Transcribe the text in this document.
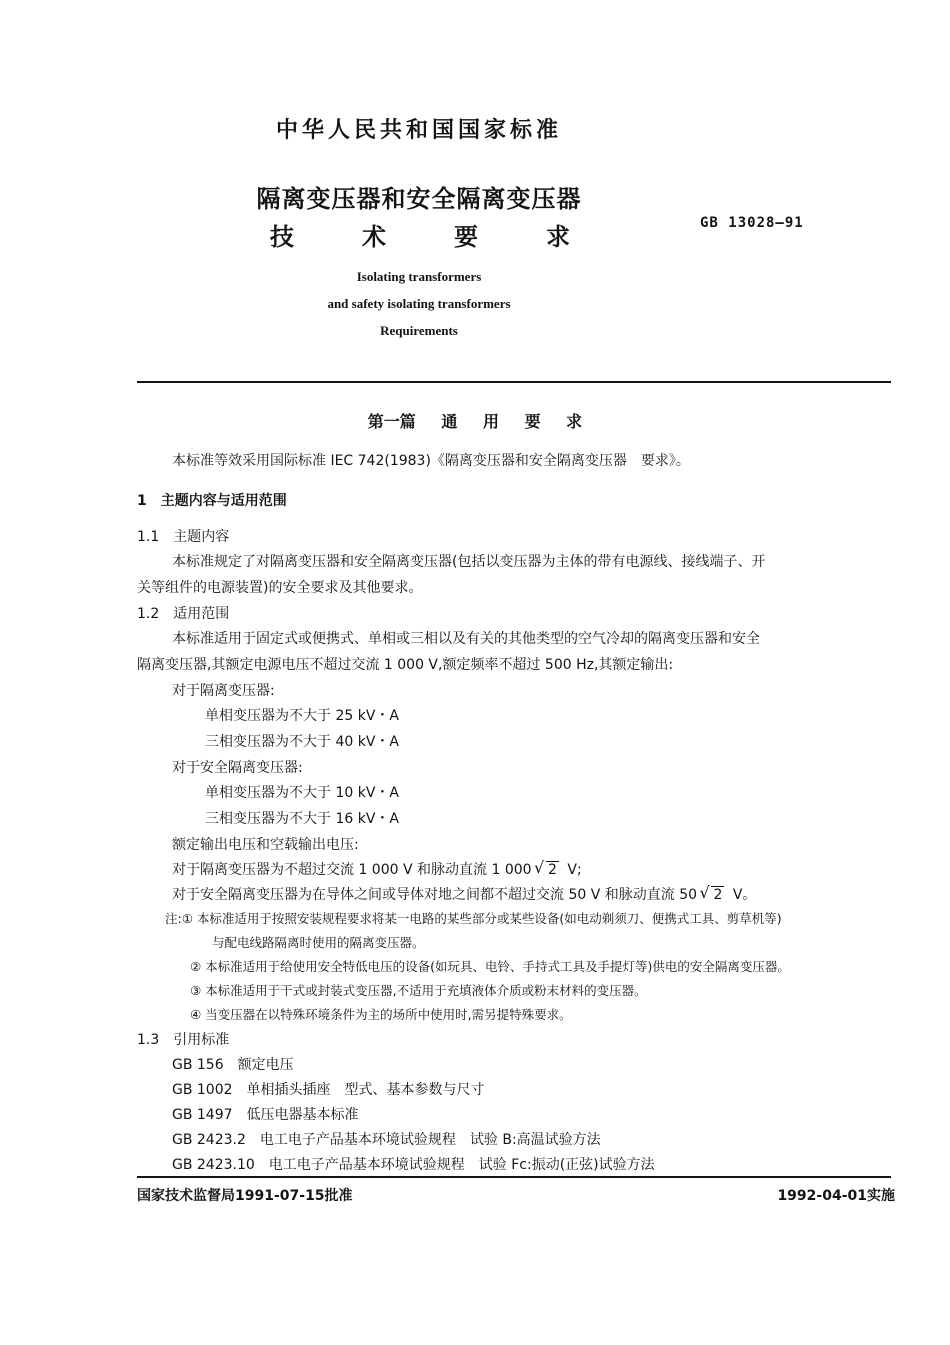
中华人民共和国国家标准
隔离变压器和安全隔离变压器
技	术	要	求	GB 13028—91
Isolating transformers
and safety isolating transformers
Requirements
第一篇 通 用 要 求
本标准等效采用国际标准 IEC 742(1983)《隔离变压器和安全隔离变压器　要求》。
1　主题内容与适用范围
1.1　主题内容
本标准规定了对隔离变压器和安全隔离变压器(包括以变压器为主体的带有电源线、接线端子、开
关等组件的电源装置)的安全要求及其他要求。
1.2　适用范围
本标准适用于固定式或便携式、单相或三相以及有关的其他类型的空气冷却的隔离变压器和安全
隔离变压器,其额定电源电压不超过交流 1 000 V,额定频率不超过 500 Hz,其额定输出:
对于隔离变压器:
单相变压器为不大于 25 kV・A
三相变压器为不大于 40 kV・A
对于安全隔离变压器:
单相变压器为不大于 10 kV・A
三相变压器为不大于 16 kV・A
额定输出电压和空载输出电压:
对于隔离变压器为不超过交流 1 000 V 和脉动直流 1 000 √ 2 V;
对于安全隔离变压器为在导体之间或导体对地之间都不超过交流 50 V 和脉动直流 50 √ 2 V。
注:① 本标准适用于按照安装规程要求将某一电路的某些部分或某些设备(如电动剃须刀、便携式工具、剪草机等)
与配电线路隔离时使用的隔离变压器。
② 本标准适用于给使用安全特低电压的设备(如玩具、电铃、手持式工具及手提灯等)供电的安全隔离变压器。
③ 本标准适用于干式或封装式变压器,不适用于充填液体介质或粉末材料的变压器。
④ 当变压器在以特殊环境条件为主的场所中使用时,需另提特殊要求。
1.3　引用标准
GB 156　额定电压
GB 1002　单相插头插座　型式、基本参数与尺寸
GB 1497　低压电器基本标准
GB 2423.2　电工电子产品基本环境试验规程　试验 B:高温试验方法
GB 2423.10　电工电子产品基本环境试验规程　试验 Fc:振动(正弦)试验方法
国家技术监督局1991-07-15批准	1992-04-01实施
